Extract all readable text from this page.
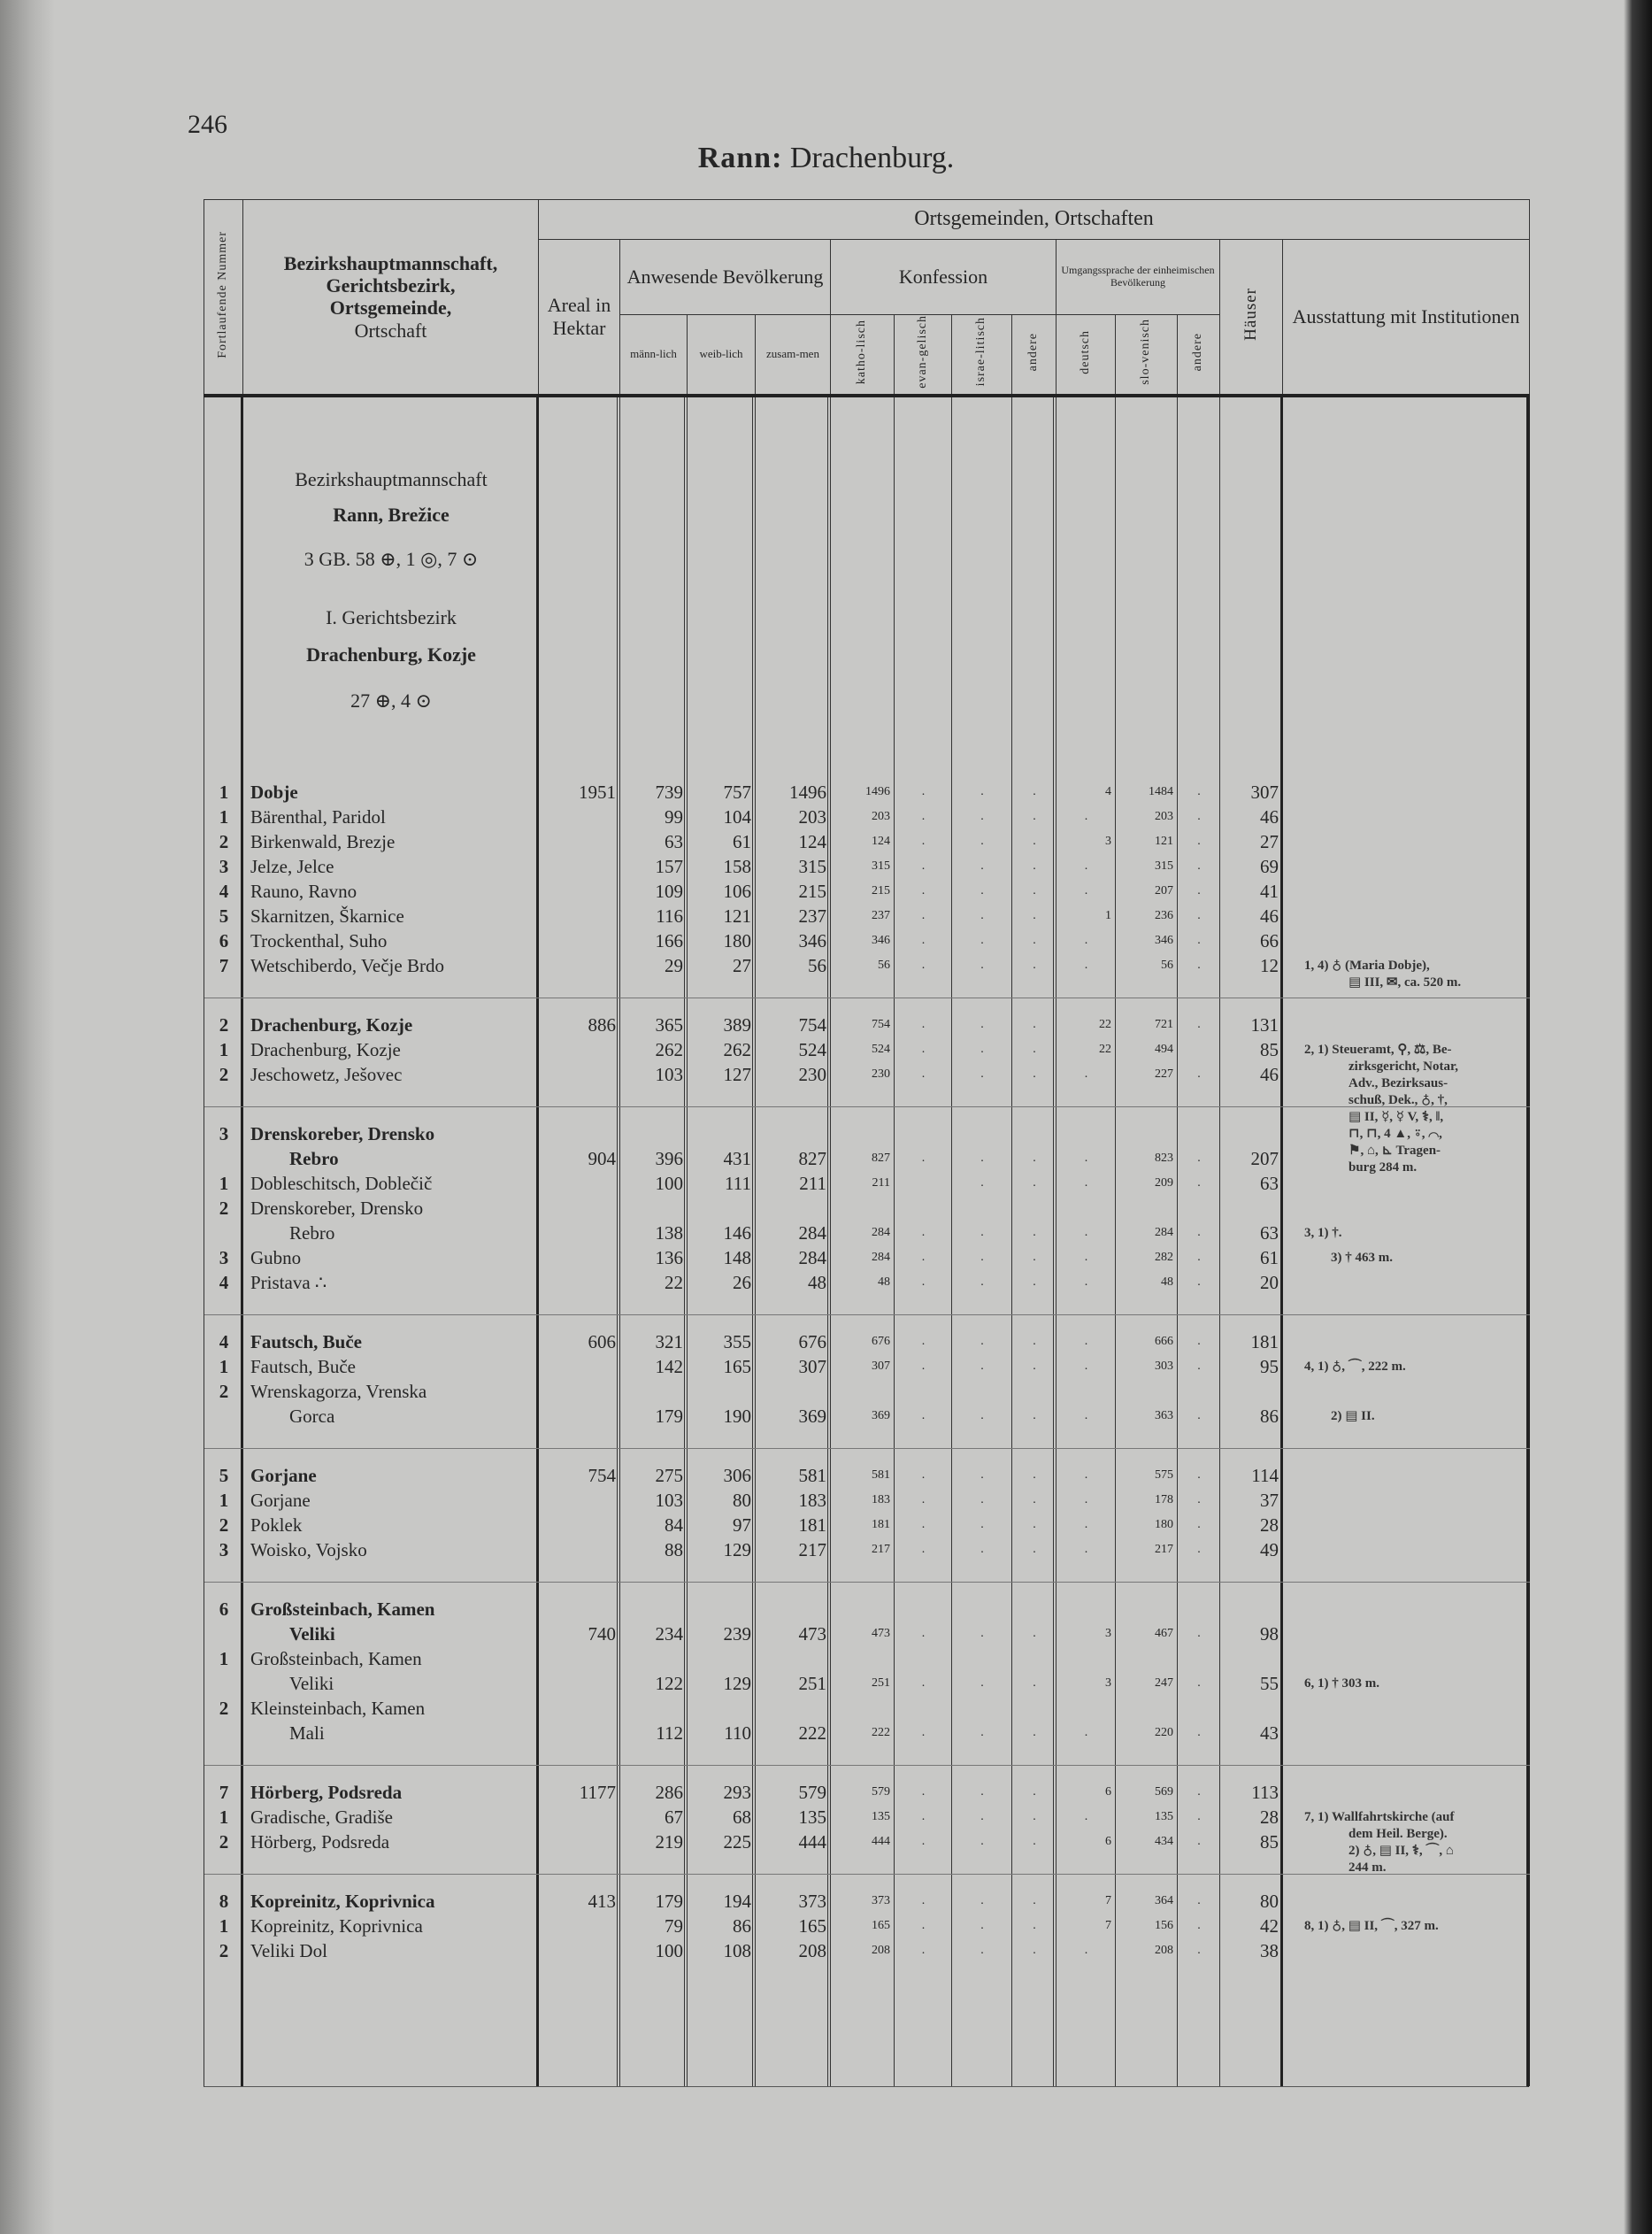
246
Rann: Drachenburg.
Fortlaufende Nummer	Bezirkshauptmannschaft,
Gerichtsbezirk,
Ortsgemeinde,
Ortschaft	Ortsgemeinden, Ortschaften
Areal in Hektar	Anwesende Bevölkerung	Konfession	Umgangssprache der einheimischen Bevölkerung	Häuser	Ausstattung mit Institutionen
männ-lich	weib-lich	zusam-men	katho-lisch	evan-gelisch	israe-litisch	andere	deutsch	slo-venisch	andere
Bezirkshauptmannschaft
Rann, Brežice
3 GB. 58 ⊕, 1 ◎, 7 ⊙
I. Gerichtsbezirk
Drachenburg, Kozje
27 ⊕, 4 ⊙
1	Dobje	1951	739	757	1496	1496	.	.	.	4	1484	.	307
1	Bärenthal, Paridol	99	104	203	203	.	.	.	.	203	.	46
2	Birkenwald, Brezje	63	61	124	124	.	.	.	3	121	.	27
3	Jelze, Jelce	157	158	315	315	.	.	.	.	315	.	69
4	Rauno, Ravno	109	106	215	215	.	.	.	.	207	.	41
5	Skarnitzen, Škarnice	116	121	237	237	.	.	.	1	236	.	46
6	Trockenthal, Suho	166	180	346	346	.	.	.	.	346	.	66
7	Wetschiberdo, Večje Brdo	29	27	56	56	.	.	.	.	56	.	12 1, 4) ♁ (Maria Dobje),
▤ III, ✉, ca. 520 m.
2	Drachenburg, Kozje	886	365	389	754	754	.	.	.	22	721	.	131
1	Drachenburg, Kozje	262	262	524	524	.	.	.	22	494	85 2, 1) Steueramt, ⚲, ⚖, Be-
zirksgericht, Notar,
Adv., Bezirksaus-
schuß, Dek., ♁, †,
▤ II, ☿, ☿ V, ⚕, ‖,
⊓, ⊓, 4 ▲, ⍤, ⌒,
⚑, ⌂, ⊾ Tragen-
burg 284 m.
2	Jeschowetz, Ješovec	103	127	230	230	.	.	.	.	227	.	46
3	Drenskoreber, Drensko
Rebro	904	396	431	827	827	.	.	.	.	823	.	207
1	Dobleschitsch, Doblečič	100	111	211	211	.	.	.	209	.	63
2	Drenskoreber, Drensko
Rebro	138	146	284	284	.	.	.	.	284	.	63 3, 1) †.
3	Gubno	136	148	284	284	.	.	.	.	282	.	61	3) † 463 m.
4	Pristava ∴	22	26	48	48	.	.	.	.	48	.	20
4	Fautsch, Buče	606	321	355	676	676	.	.	.	.	666	.	181
1	Fautsch, Buče	142	165	307	307	.	.	.	.	303	.	95 4, 1) ♁, ⌒, 222 m.
2	Wrenskagorza, Vrenska
Gorca	179	190	369	369	.	.	.	.	363	.	86	2) ▤ II.
5	Gorjane	754	275	306	581	581	.	.	.	.	575	.	114
1	Gorjane	103	80	183	183	.	.	.	.	178	.	37
2	Poklek	84	97	181	181	.	.	.	.	180	.	28
3	Woisko, Vojsko	88	129	217	217	.	.	.	.	217	.	49
6	Großsteinbach, Kamen
Veliki	740	234	239	473	473	.	.	.	3	467	.	98
1	Großsteinbach, Kamen
Veliki	122	129	251	251	.	.	.	3	247	.	55 6, 1) † 303 m.
2	Kleinsteinbach, Kamen
Mali	112	110	222	222	.	.	.	.	220	.	43
7	Hörberg, Podsreda	1177	286	293	579	579	.	.	.	6	569	.	113
1	Gradische, Gradiše	67	68	135	135	.	.	.	.	135	.	28 7, 1) Wallfahrtskirche (auf
dem Heil. Berge).
2) ♁, ▤ II, ⚕, ⌒, ⌂
244 m.
2	Hörberg, Podsreda	219	225	444	444	.	.	.	6	434	.	85
8	Kopreinitz, Koprivnica	413	179	194	373	373	.	.	.	7	364	.	80
1	Kopreinitz, Koprivnica	79	86	165	165	.	.	.	7	156	.	42 8, 1) ♁, ▤ II, ⌒, 327 m.
2	Veliki Dol	100	108	208	208	.	.	.	.	208	.	38
